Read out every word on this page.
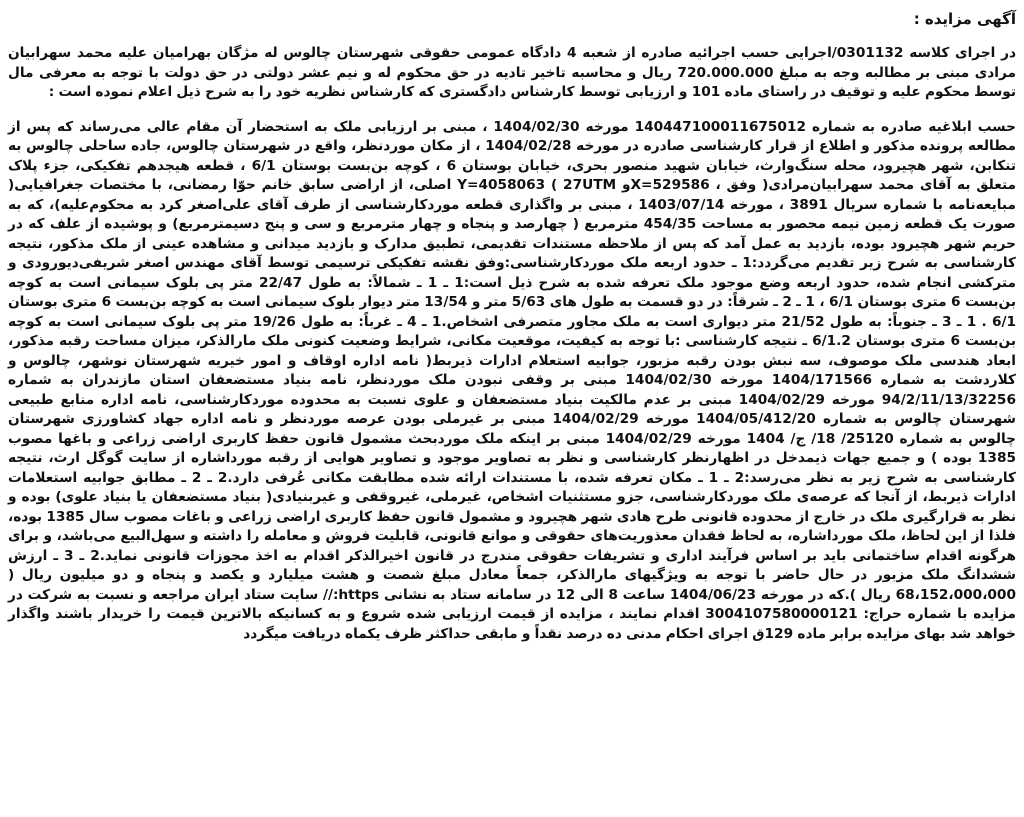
آگهی مزایده :

در اجرای کلاسه 0301132/اجرایی حسب اجرائیه صادره از شعبه 4 دادگاه عمومی حقوقی شهرستان چالوس له مژگان بهرامیان علیه محمد سهرابیان مرادی مبنی بر مطالبه وجه به مبلغ 720.000.000 ریال و محاسبه تاخیر تادیه در حق محکوم له و نیم عشر دولتی در حق دولت با توجه به معرفی مال توسط محکوم علیه و توقیف در راستای ماده 101 و ارزیابی توسط کارشناس دادگستری که کارشناس نظریه خود را به شرح ذیل اعلام نموده است :

حسب ابلاغیه صادره به شماره 140447100011675012 مورخه 1404/02/30 ، مبنی بر ارزیابی ملک به استحضار آن مقام عالی می‌رساند که پس از مطالعه پرونده مذکور و اطلاع از قرار کارشناسی صادره در مورخه 1404/02/28 ، از مکان موردنظر، واقع در شهرستان چالوس، جاده ساحلی چالوس به تنکابن، شهر هچیرود، محله سنگ‌وارث، خیابان شهید منصور بحری، خیابان بوستان 6 ، کوچه بن‌بست بوستان 6/1 ، قطعه هیجدهم تفکیکی، جزء پلاک متعلق به آقای محمد سهرابیان‌مرادی( وفق ، X=529586و Y=4058063 ( 27UTM اصلی، از اراضی سابق خانم حوّا رمضانی، با مختصات جغرافیایی( مبایعه‌نامه با شماره سریال 3891 ، مورخه 1403/07/14 ، مبنی بر واگذاری قطعه موردکارشناسی از طرف آقای علی‌اصغر کرد به محکوم‌علیه)، که به صورت یک قطعه زمین نیمه محصور به مساحت 454/35 مترمربع ( چهارصد و پنجاه و چهار مترمربع و سی و پنج دسیمترمربع) و پوشیده از علف که در حریم شهر هچیرود بوده، بازدید به عمل آمد که پس از ملاحظه مستندات تقدیمی، تطبیق مدارک و بازدید میدانی و مشاهده عینی از ملک مذکور، نتیجه کارشناسی به شرح زیر تقدیم می‌گردد:1 ـ حدود اربعه ملک موردکارشناسی:وفق نقشه تفکیکی ترسیمی توسط آقای مهندس اصغر شریفی‌دیورودی و مترکشی انجام شده، حدود اربعه وضع موجود ملک تعرفه شده به شرح ذیل است:1 ـ 1 ـ شمالاً: به طول 22/47 متر پی بلوک سیمانی است به کوچه بن‌بست 6 متری بوستان 6/1 ، 1 ـ 2 ـ شرقاً: در دو قسمت به طول های 5/63 متر و 13/54 متر دیوار بلوک سیمانی است به کوچه بن‌بست 6 متری بوستان 6/1 . 1 ـ 3 ـ جنوباً: به طول 21/52 متر دیواری است به ملک مجاور متصرفی اشخاص.1 ـ 4 ـ غرباً: به طول 19/26 متر پی بلوک سیمانی است به کوچه بن‌بست 6 متری بوستان 6/1.2 ـ نتیجه کارشناسی :با توجه به کیفیت، موقعیت مکانی، شرایط وضعیت کنونی ملک مارالذکر، میزان مساحت رقبه مذکور، ابعاد هندسی ملک موصوف، سه نبش بودن رقبه مزبور، جوابیه استعلام ادارات ذیربط( نامه اداره اوقاف و امور خیریه شهرستان نوشهر، چالوس و کلاردشت به شماره 1404/171566 مورخه 1404/02/30 مبنی بر وقفی نبودن ملک موردنظر، نامه بنیاد مستضعفان استان مازندران به شماره 94/2/11/13/32256 مورخه 1404/02/29 مبنی بر عدم مالکیت بنیاد مستضعفان و علوی نسبت به محدوده موردکارشناسی، نامه اداره منابع طبیعی شهرستان چالوس به شماره 1404/05/412/20 مورخه 1404/02/29 مبنی بر غیرملی بودن عرصه موردنظر و نامه اداره جهاد کشاورزی شهرستان چالوس به شماره 25120/ 18/ ج/ 1404 مورخه 1404/02/29 مبنی بر اینکه ملک موردبحث مشمول قانون حفظ کاربری اراضی زراعی و باغها مصوب 1385 بوده ) و جمیع جهات ذیمدخل در اظهارنظر کارشناسی و نظر به تصاویر موجود و تصاویر هوایی از رقبه مورداشاره از سایت گوگل ارث، نتیجه کارشناسی به شرح زیر به نظر می‌رسد:2 ـ 1 ـ مکان تعرفه شده، با مستندات ارائه شده مطابقت مکانی عُرفی دارد.2 ـ 2 ـ مطابق جوابیه استعلامات ادارات ذیربط، از آنجا که عرصه‌ی ملک موردکارشناسی، جزو مستثنیات اشخاص، غیرملی، غیروقفی و غیربنیادی( بنیاد مستضعفان یا بنیاد علوی) بوده و نظر به قرارگیری ملک در خارج از محدوده قانونی طرح هادی شهر هچیرود و مشمول قانون حفظ کاربری اراضی زراعی و باغات مصوب سال 1385 بوده، فلذا از این لحاظ، ملک مورداشاره، به لحاظ فقدان معذوریت‌های حقوقی و موانع قانونی، قابلیت فروش و معامله را داشته و سهل‌البیع می‌باشد، و برای هرگونه اقدام ساختمانی باید بر اساس فرآیند اداری و تشریفات حقوقی مندرج در قانون اخیرالذکر اقدام به اخذ مجوزات قانونی نماید.2 ـ 3 ـ ارزش ششدانگ ملک مزبور در حال حاضر با توجه به ویژگیهای مارالذکر، جمعاً معادل مبلغ شصت و هشت میلیارد و یکصد و پنجاه و دو میلیون ریال ( 68،152،000،000 ریال ).که در مورخه 1404/06/23 ساعت 8 الی 12 در سامانه ستاد به نشانی https:// سایت ستاد ایران مراجعه و نسبت به شرکت در مزایده با شماره حراج: 3004107580000121 اقدام نمایند ، مزایده از قیمت ارزیابی شده شروع و به کسانیکه بالاترین قیمت را خریدار باشند واگذار خواهد شد بهای مزایده برابر ماده 129ق اجرای احکام مدنی ده درصد نقداً و مابقی حداکثر ظرف یکماه دریافت میگردد
